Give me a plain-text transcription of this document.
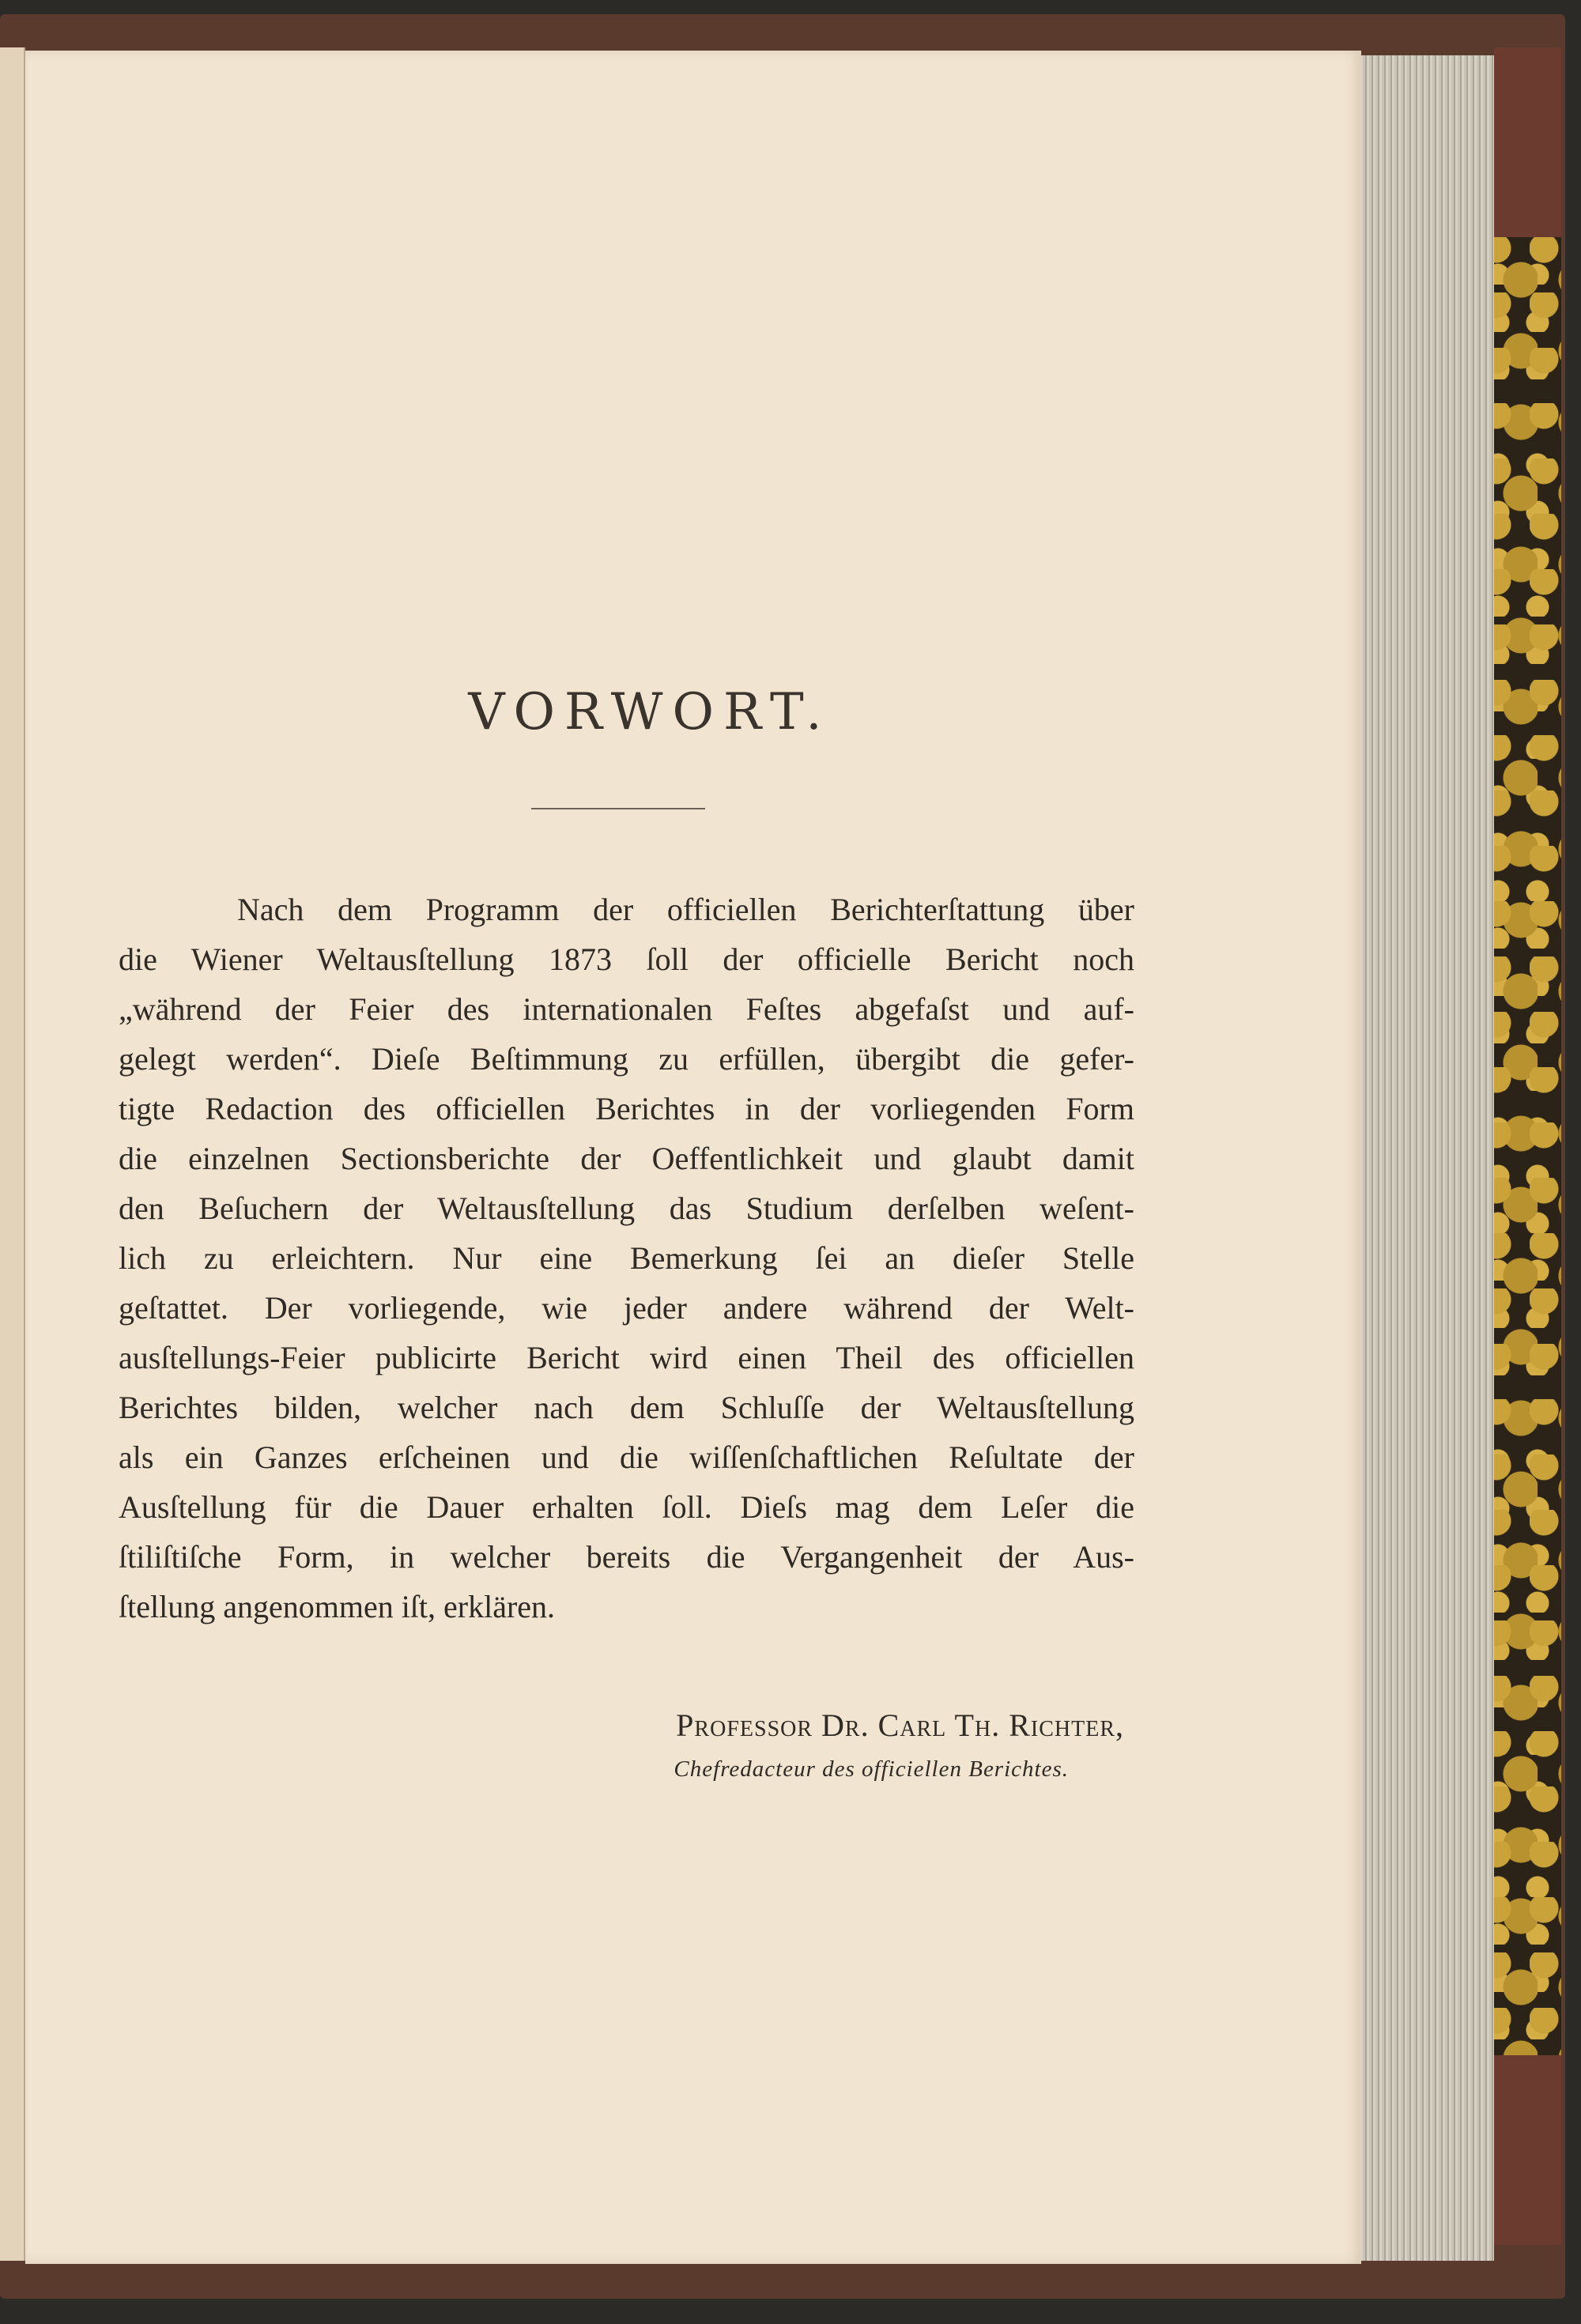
VORWORT.
Nach dem Programm der officiellen Berichterſtattung über
die Wiener Weltausſtellung 1873 ſoll der officielle Bericht noch
„während der Feier des internationalen Feſtes abgefaſst und auf-
gelegt werden“. Dieſe Beſtimmung zu erfüllen, übergibt die gefer-
tigte Redaction des officiellen Berichtes in der vorliegenden Form
die einzelnen Sectionsberichte der Oeffentlichkeit und glaubt damit
den Beſuchern der Weltausſtellung das Studium derſelben weſent-
lich zu erleichtern. Nur eine Bemerkung ſei an dieſer Stelle
geſtattet. Der vorliegende, wie jeder andere während der Welt-
ausſtellungs-Feier publicirte Bericht wird einen Theil des officiellen
Berichtes bilden, welcher nach dem Schluſſe der Weltausſtellung
als ein Ganzes erſcheinen und die wiſſenſchaftlichen Reſultate der
Ausſtellung für die Dauer erhalten ſoll. Dieſs mag dem Leſer die
ſtiliſtiſche Form, in welcher bereits die Vergangenheit der Aus-
ſtellung angenommen iſt, erklären.
Professor Dr. Carl Th. Richter,
Chefredacteur des officiellen Berichtes.
